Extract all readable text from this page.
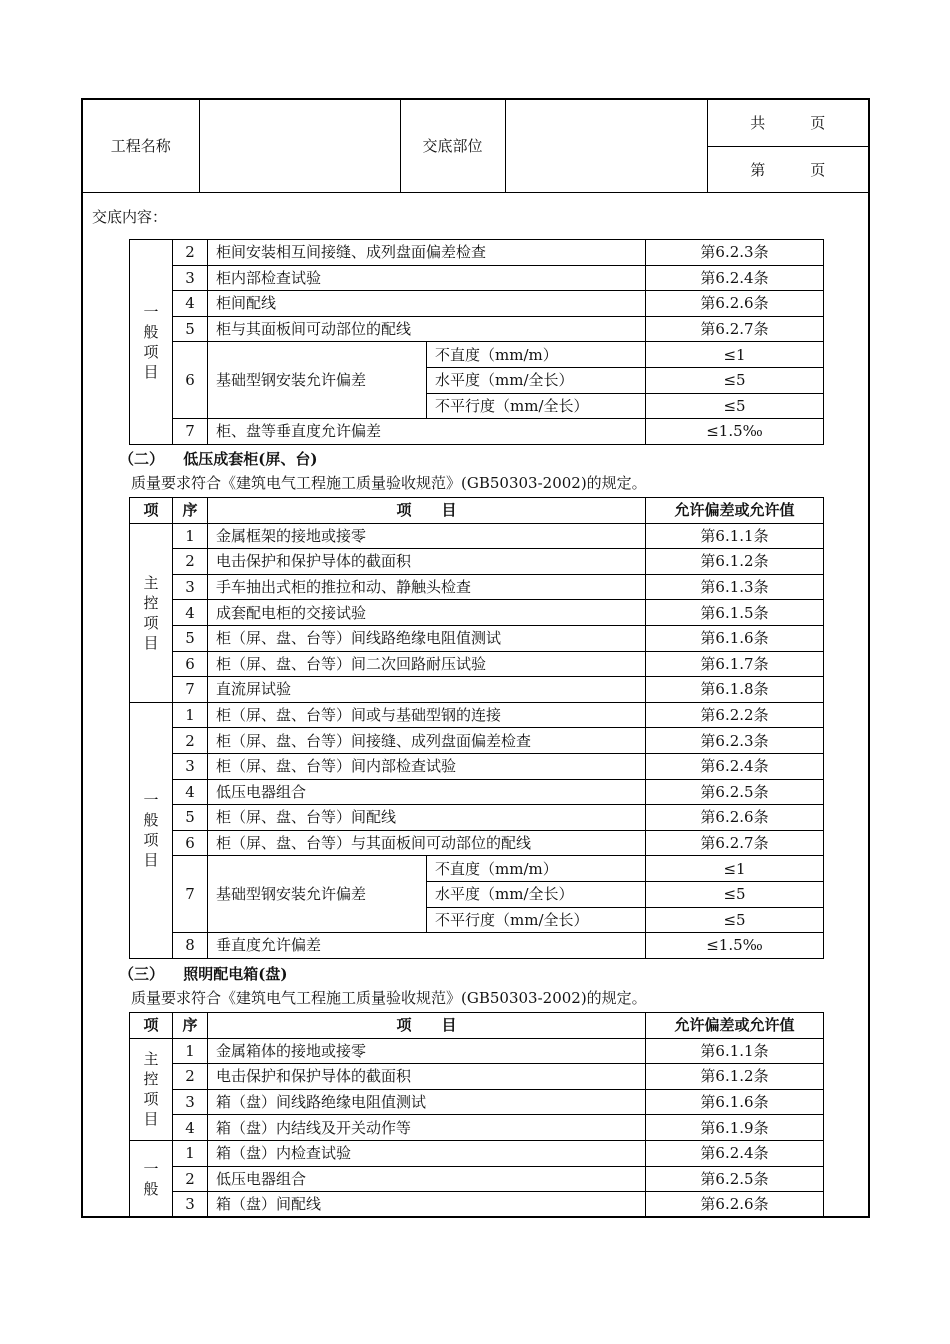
工程名称		交底部位		共　　　页
第　　　页
交底内容：
一
般
项
目	2	柜间安装相互间接缝、成列盘面偏差检查		第6.2.3条
	3	柜内部检查试验		第6.2.4条
	4	柜间配线		第6.2.6条
	5	柜与其面板间可动部位的配线		第6.2.7条
	6	基础型钢安装允许偏差	不直度（mm/m）	≤1
			水平度（mm/全长）	≤5
			不平行度（mm/全长）	≤5
	7	柜、盘等垂直度允许偏差		≤1.5‰
（二） 低压成套柜(屏、台)
质量要求符合《建筑电气工程施工质量验收规范》(GB50303-2002)的规定。
项	序	项　　目		允许偏差或允许值

主
控
项
目	1	金属框架的接地或接零		第6.1.1条
	2	电击保护和保护导体的截面积		第6.1.2条
	3	手车抽出式柜的推拉和动、静触头检查		第6.1.3条
	4	成套配电柜的交接试验		第6.1.5条
	5	柜（屏、盘、台等）间线路绝缘电阻值测试		第6.1.6条
	6	柜（屏、盘、台等）间二次回路耐压试验		第6.1.7条
	7	直流屏试验		第6.1.8条

一
般
项
目	1	柜（屏、盘、台等）间或与基础型钢的连接		第6.2.2条
	2	柜（屏、盘、台等）间接缝、成列盘面偏差检查		第6.2.3条
	3	柜（屏、盘、台等）间内部检查试验		第6.2.4条
	4	低压电器组合		第6.2.5条
	5	柜（屏、盘、台等）间配线		第6.2.6条
	6	柜（屏、盘、台等）与其面板间可动部位的配线		第6.2.7条
	7	基础型钢安装允许偏差	不直度（mm/m）	≤1
			水平度（mm/全长）	≤5
			不平行度（mm/全长）	≤5
	8	垂直度允许偏差		≤1.5‰
（三） 照明配电箱(盘)
质量要求符合《建筑电气工程施工质量验收规范》(GB50303-2002)的规定。
项	序	项　　目	允许偏差或允许值

主
控
项
目	1	金属箱体的接地或接零	第6.1.1条
	2	电击保护和保护导体的截面积	第6.1.2条
	3	箱（盘）间线路绝缘电阻值测试	第6.1.6条
	4	箱（盘）内结线及开关动作等	第6.1.9条

一
般	1	箱（盘）内检查试验	第6.2.4条
	2	低压电器组合	第6.2.5条
	3	箱（盘）间配线	第6.2.6条
